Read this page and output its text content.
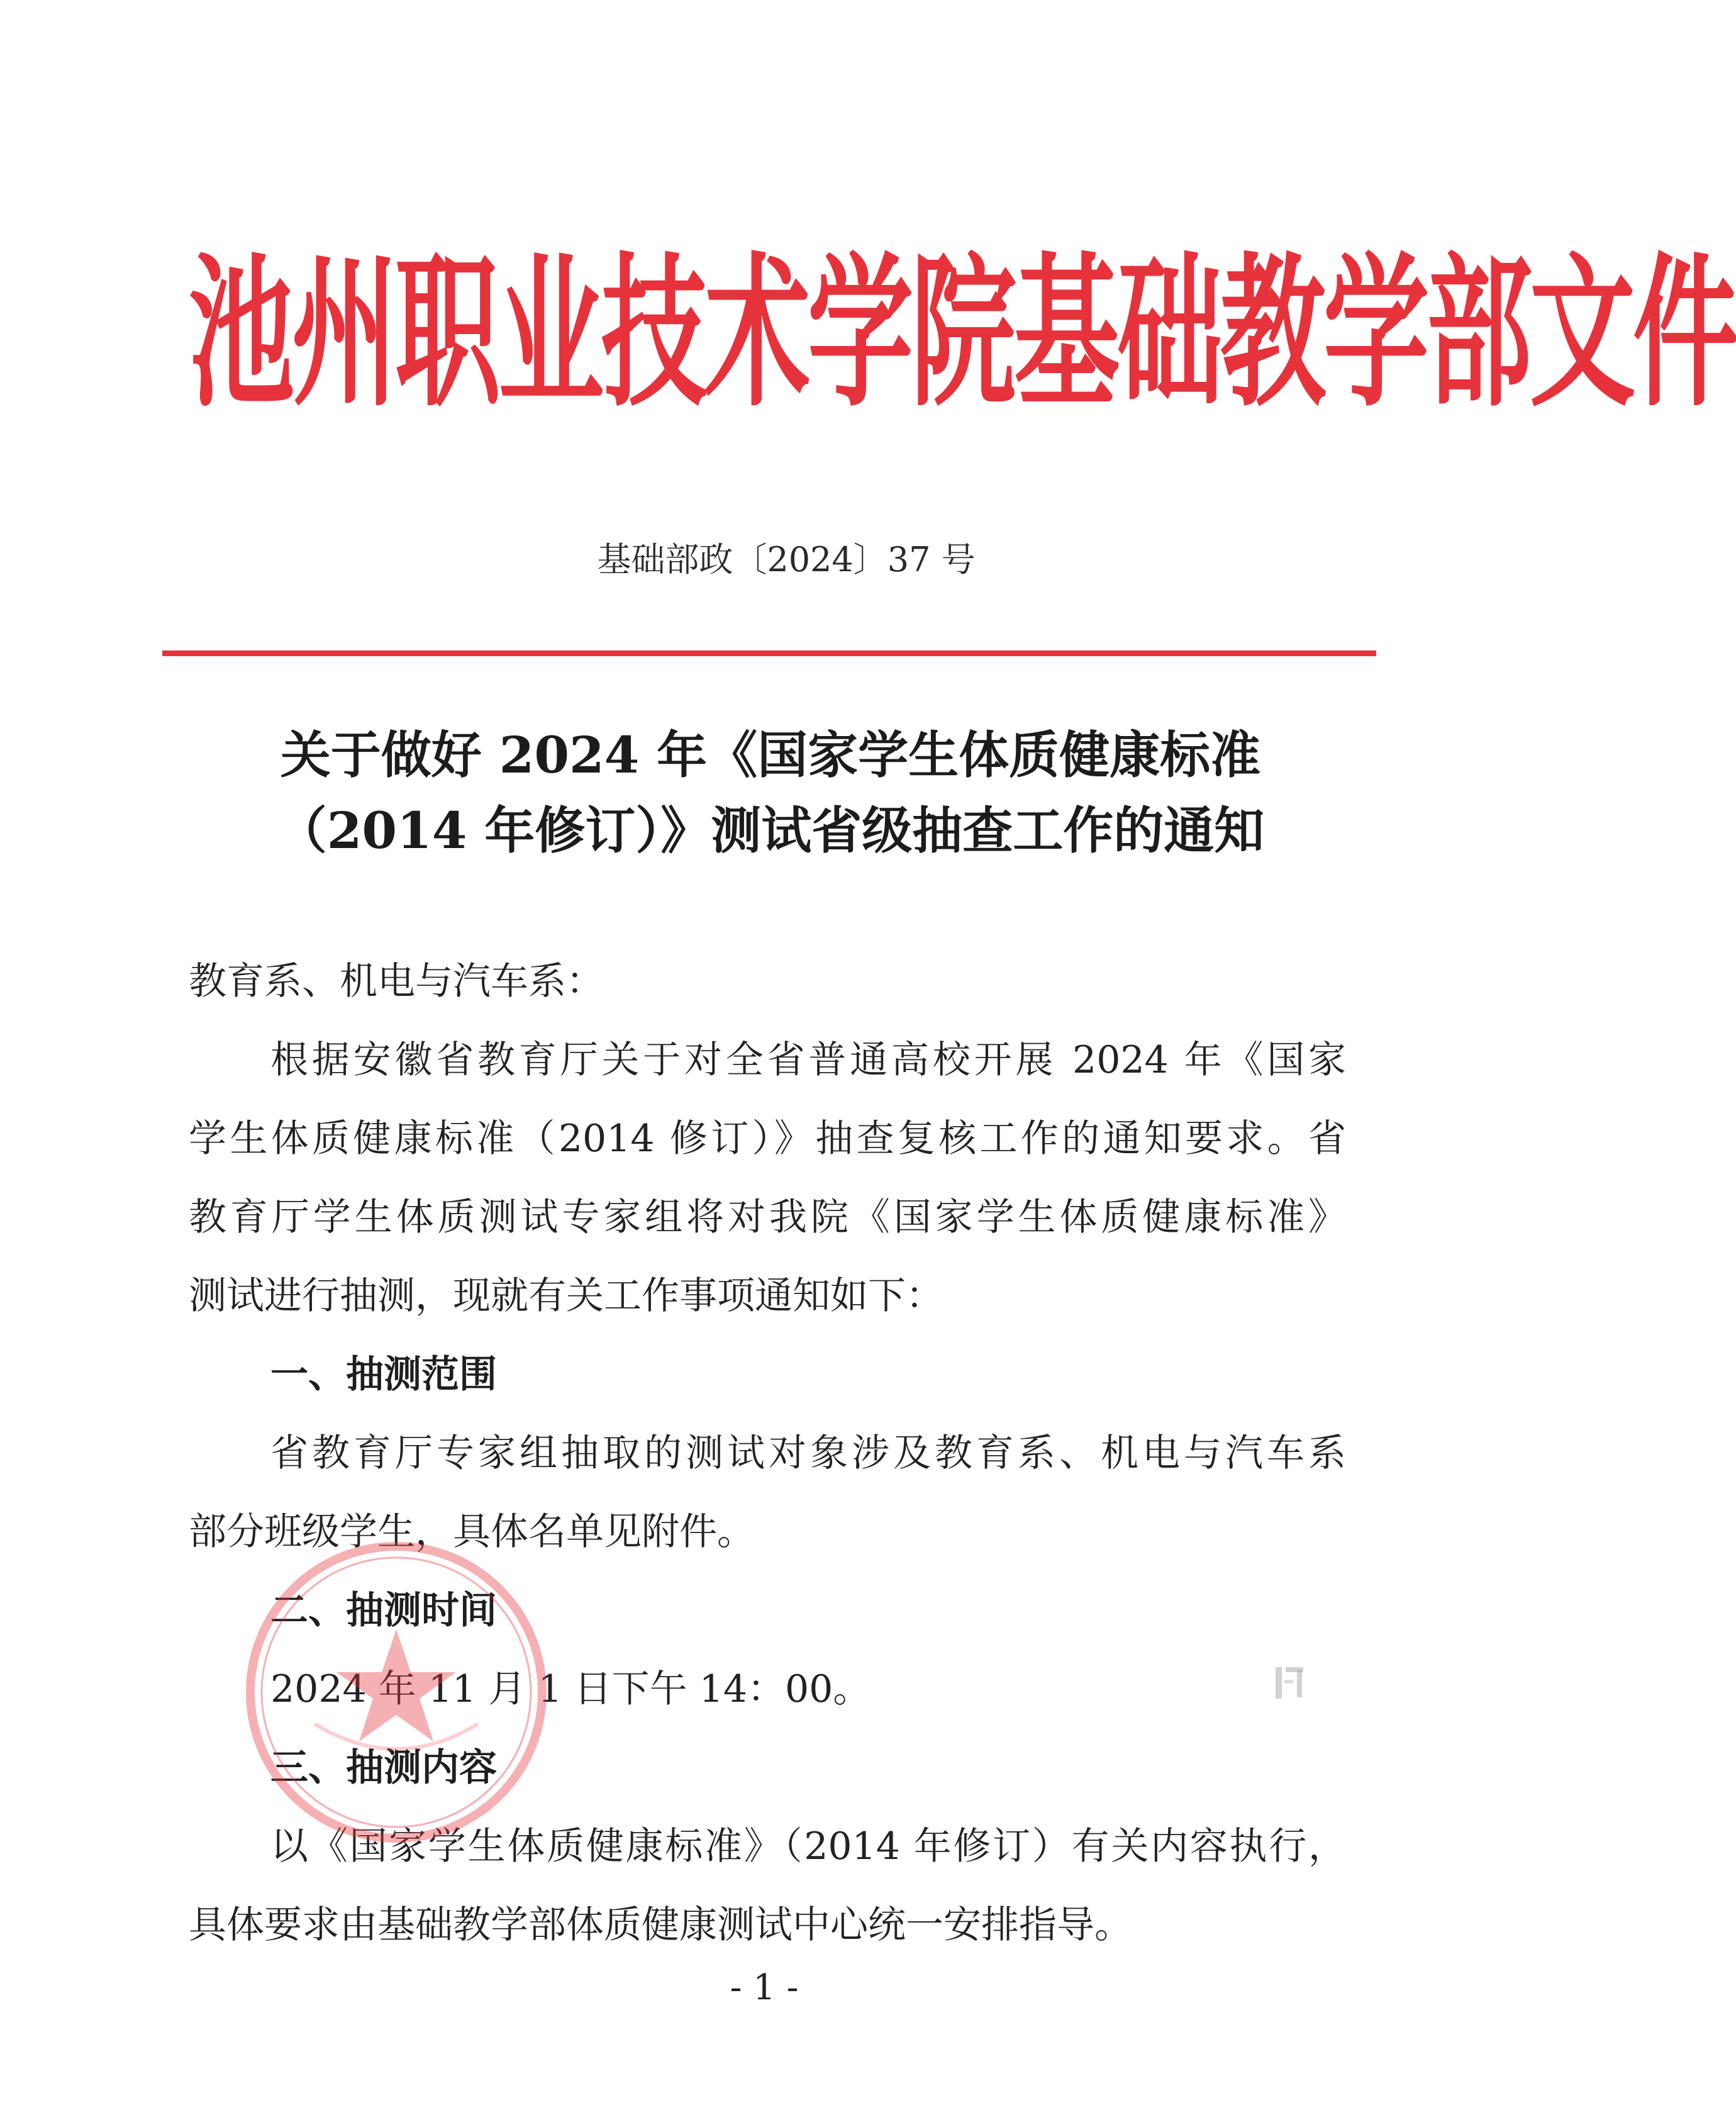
池州职业技术学院基础教学部文件
基础部政〔2024〕37 号
关于做好 2024 年《国家学生体质健康标准
（2014 年修订）》测试省级抽查工作的通知
教育系、机电与汽车系：
根据安徽省教育厅关于对全省普通高校开展 2024 年《国家
学生体质健康标准（2014 修订）》抽查复核工作的通知要求。省
教育厅学生体质测试专家组将对我院《国家学生体质健康标准》
测试进行抽测，现就有关工作事项通知如下：
一、抽测范围
省教育厅专家组抽取的测试对象涉及教育系、机电与汽车系
部分班级学生，具体名单见附件。
二、抽测时间
2024 年 11 月 1 日下午 14：00。
三、抽测内容
以《国家学生体质健康标准》（2014 年修订）有关内容执行，
具体要求由基础教学部体质健康测试中心统一安排指导。
- 1 -
